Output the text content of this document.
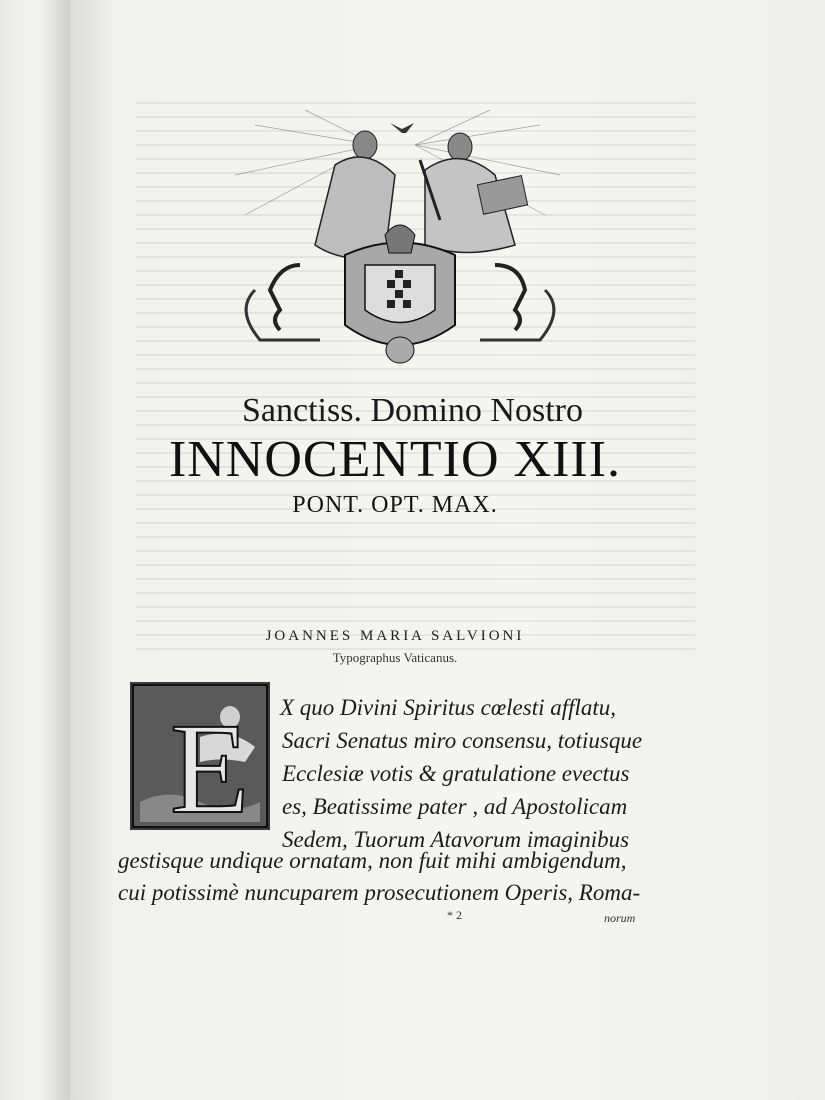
Sanctiss. Domino Nostro
INNOCENTIO XIII.
PONT. OPT. MAX.
JOANNES MARIA SALVIONI
Typographus Vaticanus.
E X quo Divini Spiritus cœlesti afflatu,
Sacri Senatus miro consensu, totiusque
Ecclesiæ votis & gratulatione evectus
es, Beatissime pater , ad Apostolicam
Sedem, Tuorum Atavorum imaginibus
gestisque undique ornatam, non fuit mihi ambigendum,
cui potissimè nuncuparem prosecutionem Operis, Roma-
* 2	norum
